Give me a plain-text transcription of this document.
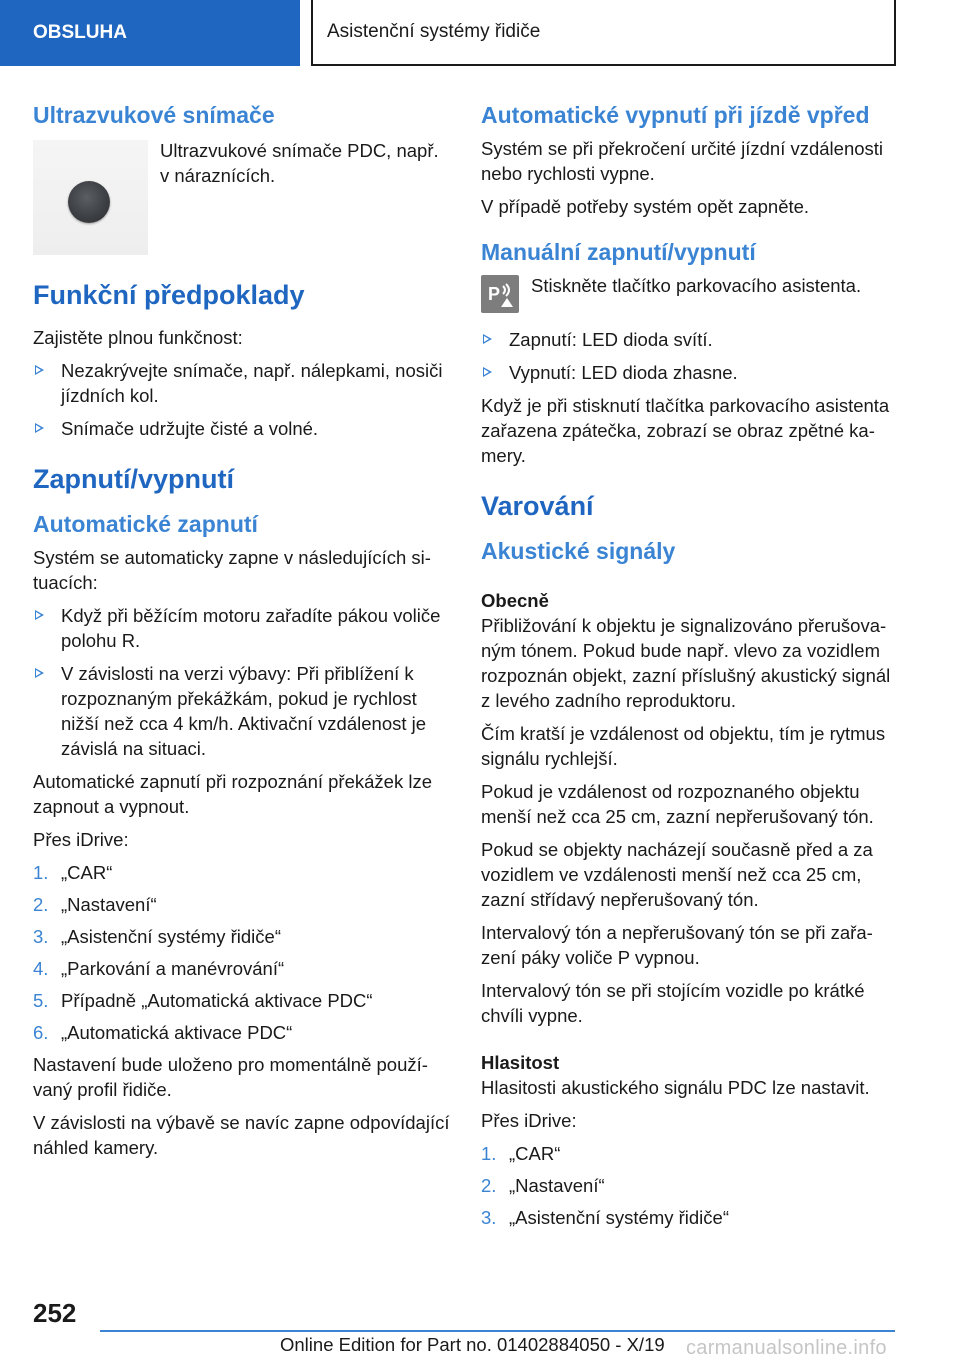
OBSLUHA	Asistenční systémy řidiče
Ultrazvukové snímače

Ultrazvukové snímače PDC, např. v náraznících.

Funkční předpoklady

Zajistěte plnou funkčnost:

Nezakrývejte snímače, např. nálepkami, nosiči jízdních kol.
Snímače udržujte čisté a volné.
Zapnutí/vypnutí
Automatické zapnutí

Systém se automaticky zapne v následujících situacích:

Když při běžícím motoru zařadíte pákou voliče polohu R.
V závislosti na verzi výbavy: Při přiblížení k rozpoznaným překážkám, pokud je rychlost nižší než cca 4 km/h. Aktivační vzdálenost je závislá na situaci.

Automatické zapnutí při rozpoznání překážek lze zapnout a vypnout.

Přes iDrive:

1. „CAR“
2. „Nastavení“
3. „Asistenční systémy řidiče“
4. „Parkování a manévrování“
5. Případně „Automatická aktivace PDC“
6. „Automatická aktivace PDC“

Nastavení bude uloženo pro momentálně používaný profil řidiče.

V závislosti na výbavě se navíc zapne odpovídající náhled kamery.

Automatické vypnutí při jízdě vpřed

Systém se při překročení určité jízdní vzdálenosti nebo rychlosti vypne.

V případě potřeby systém opět zapněte.

Manuální zapnutí/vypnutí
P Stiskněte tlačítko parkovacího asistenta.

Zapnutí: LED dioda svítí.
Vypnutí: LED dioda zhasne.

Když je při stisknutí tlačítka parkovacího asistenta zařazena zpátečka, zobrazí se obraz zpětné kamery.

Varování
Akustické signály
Obecně

Přibližování k objektu je signalizováno přerušovaným tónem. Pokud bude např. vlevo za vozidlem rozpoznán objekt, zazní příslušný akustický signál z levého zadního reproduktoru.

Čím kratší je vzdálenost od objektu, tím je rytmus signálu rychlejší.

Pokud je vzdálenost od rozpoznaného objektu menší než cca 25 cm, zazní nepřerušovaný tón.

Pokud se objekty nacházejí současně před a za vozidlem ve vzdálenosti menší než cca 25 cm, zazní střídavý nepřerušovaný tón.

Intervalový tón a nepřerušovaný tón se při zařazení páky voliče P vypnou.

Intervalový tón se při stojícím vozidle po krátké chvíli vypne.

Hlasitost

Hlasitosti akustického signálu PDC lze nastavit.

Přes iDrive:

1. „CAR“
2. „Nastavení“
3. „Asistenční systémy řidiče“
252
Online Edition for Part no. 01402884050 - X/19 carmanualsonline.info
